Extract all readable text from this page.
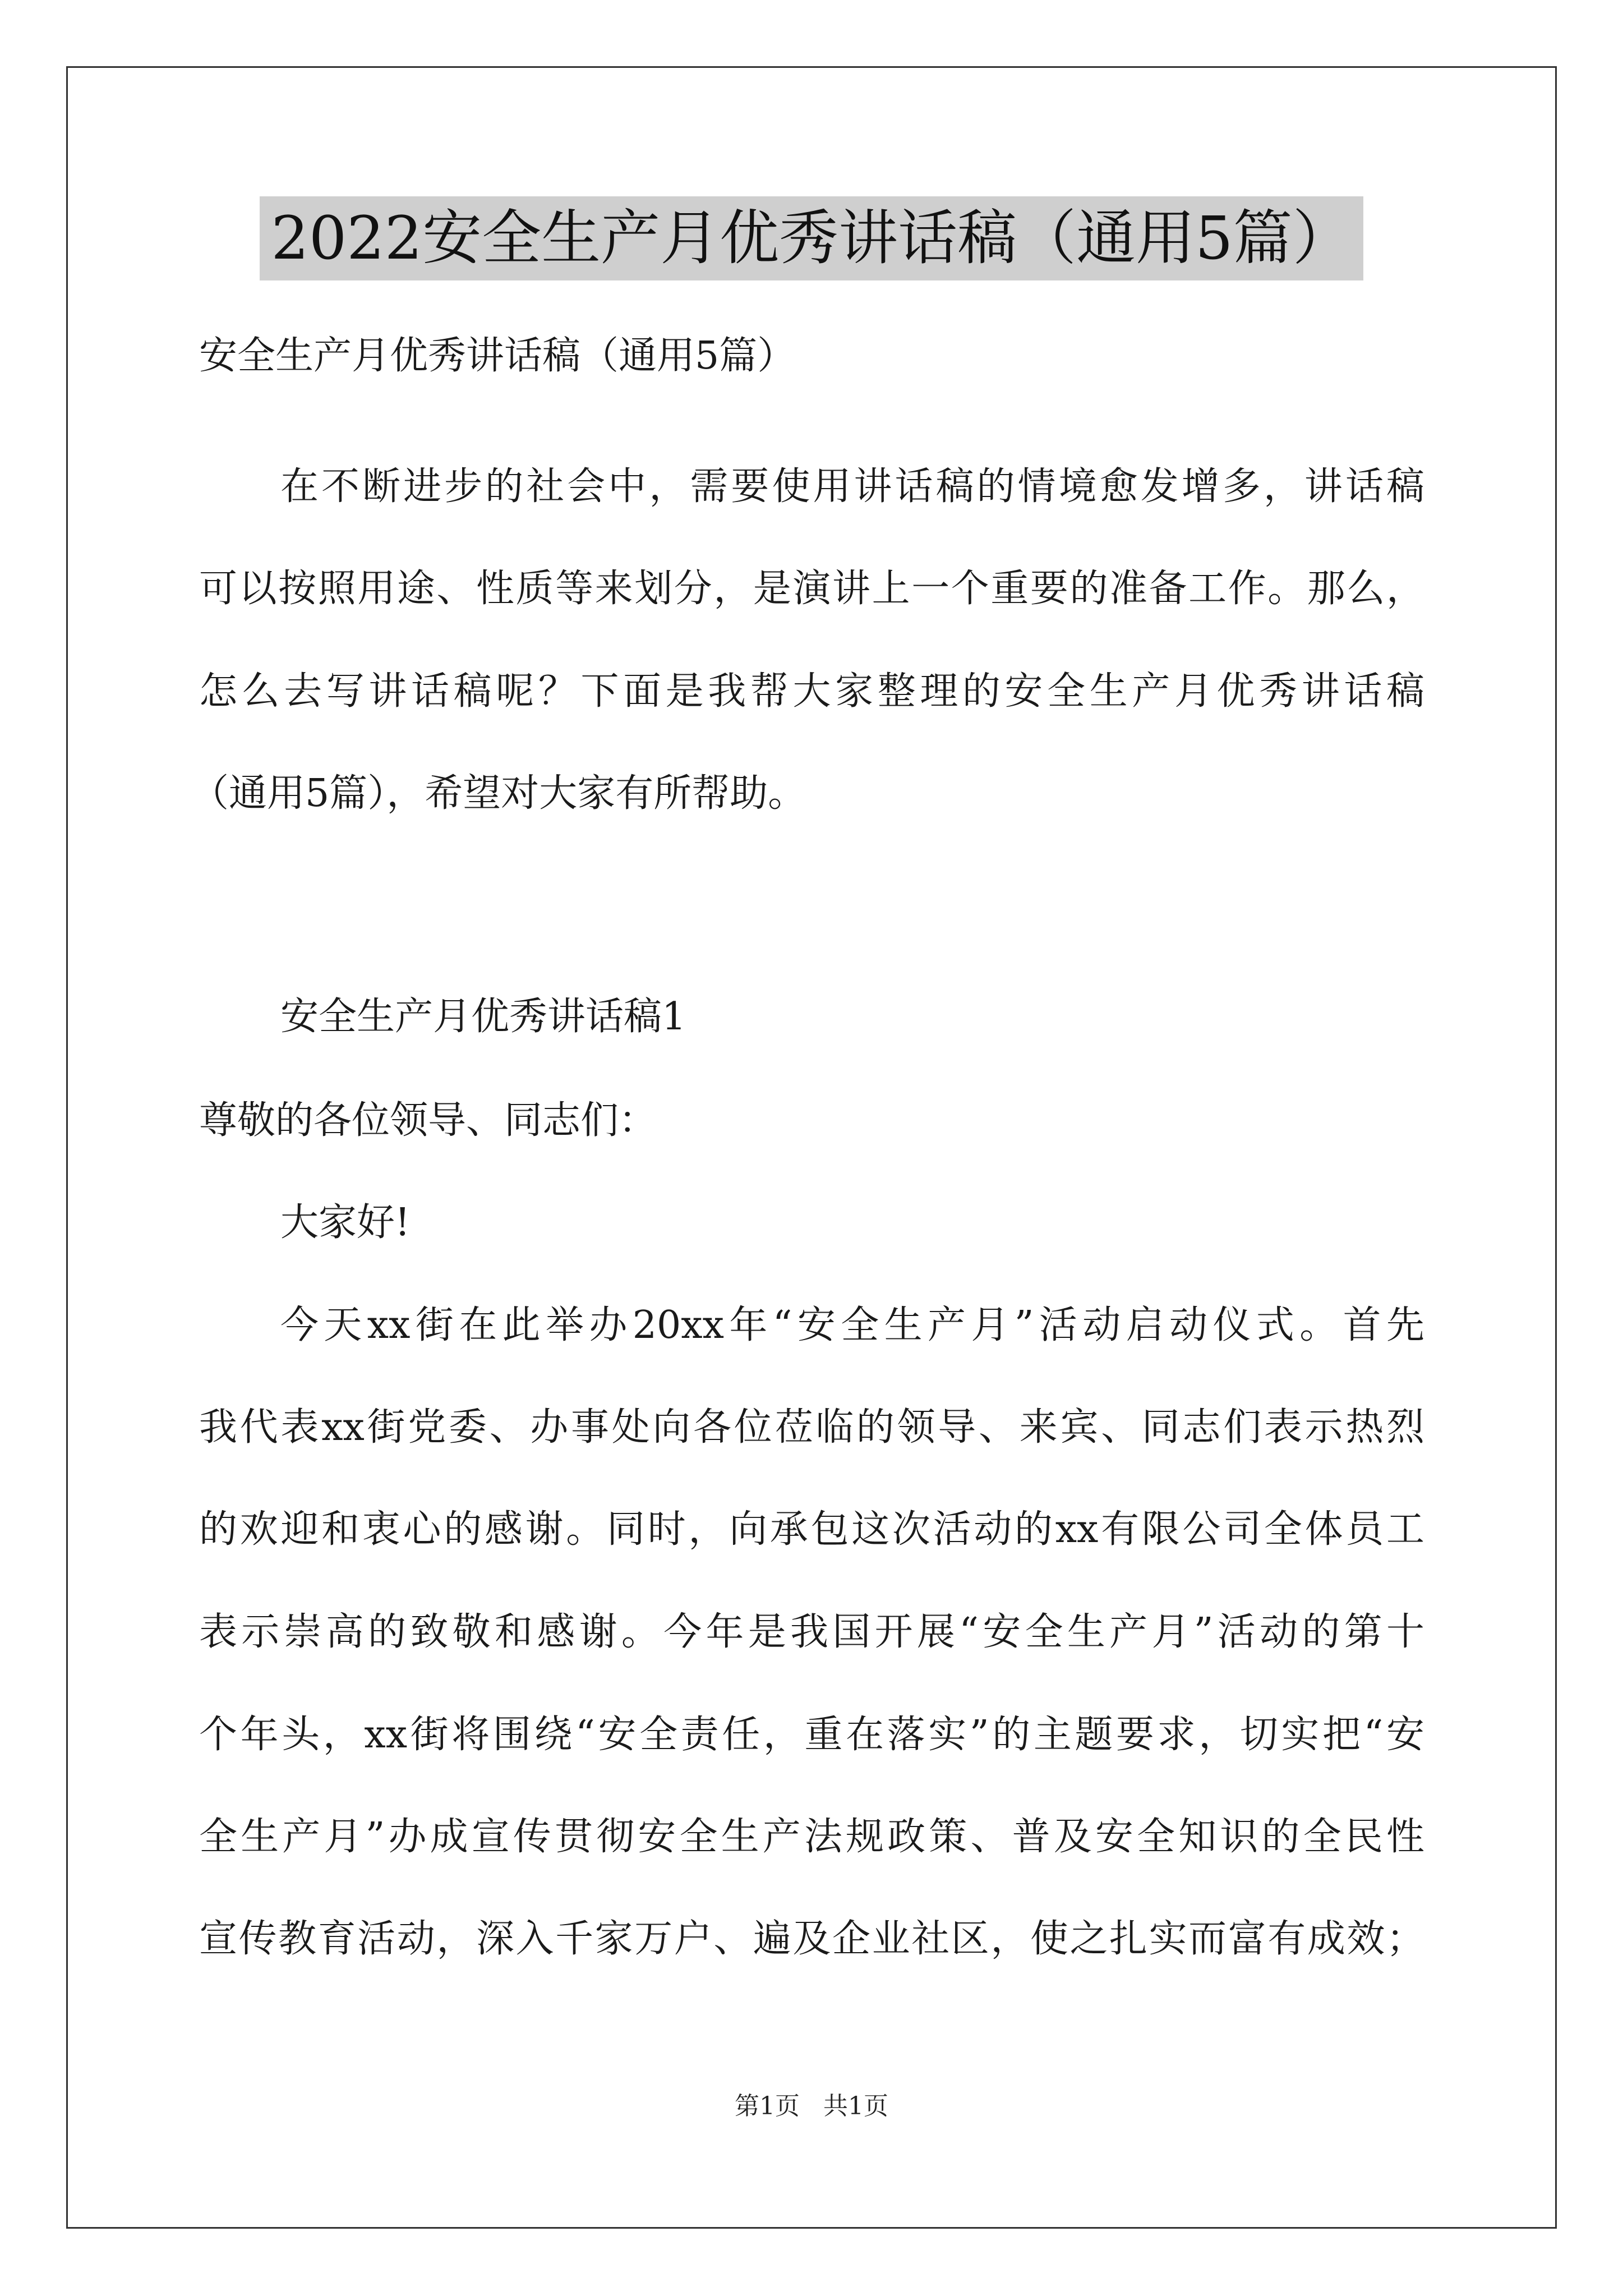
2022安全生产月优秀讲话稿（通用5篇）
安全生产月优秀讲话稿（通用5篇）
在不断进步的社会中，需要使用讲话稿的情境愈发增多，讲话稿
可以按照用途、性质等来划分，是演讲上一个重要的准备工作。那么，
怎么去写讲话稿呢？下面是我帮大家整理的安全生产月优秀讲话稿
（通用5篇），希望对大家有所帮助。
安全生产月优秀讲话稿1
尊敬的各位领导、同志们：
大家好!
今天xx街在此举办20xx年“安全生产月”活动启动仪式。首先
我代表xx街党委、办事处向各位莅临的领导、来宾、同志们表示热烈
的欢迎和衷心的感谢。同时，向承包这次活动的xx有限公司全体员工
表示崇高的致敬和感谢。今年是我国开展“安全生产月”活动的第十
个年头，xx街将围绕“安全责任，重在落实”的主题要求，切实把“安
全生产月”办成宣传贯彻安全生产法规政策、普及安全知识的全民性
宣传教育活动，深入千家万户、遍及企业社区，使之扎实而富有成效；
第1页   共1页
